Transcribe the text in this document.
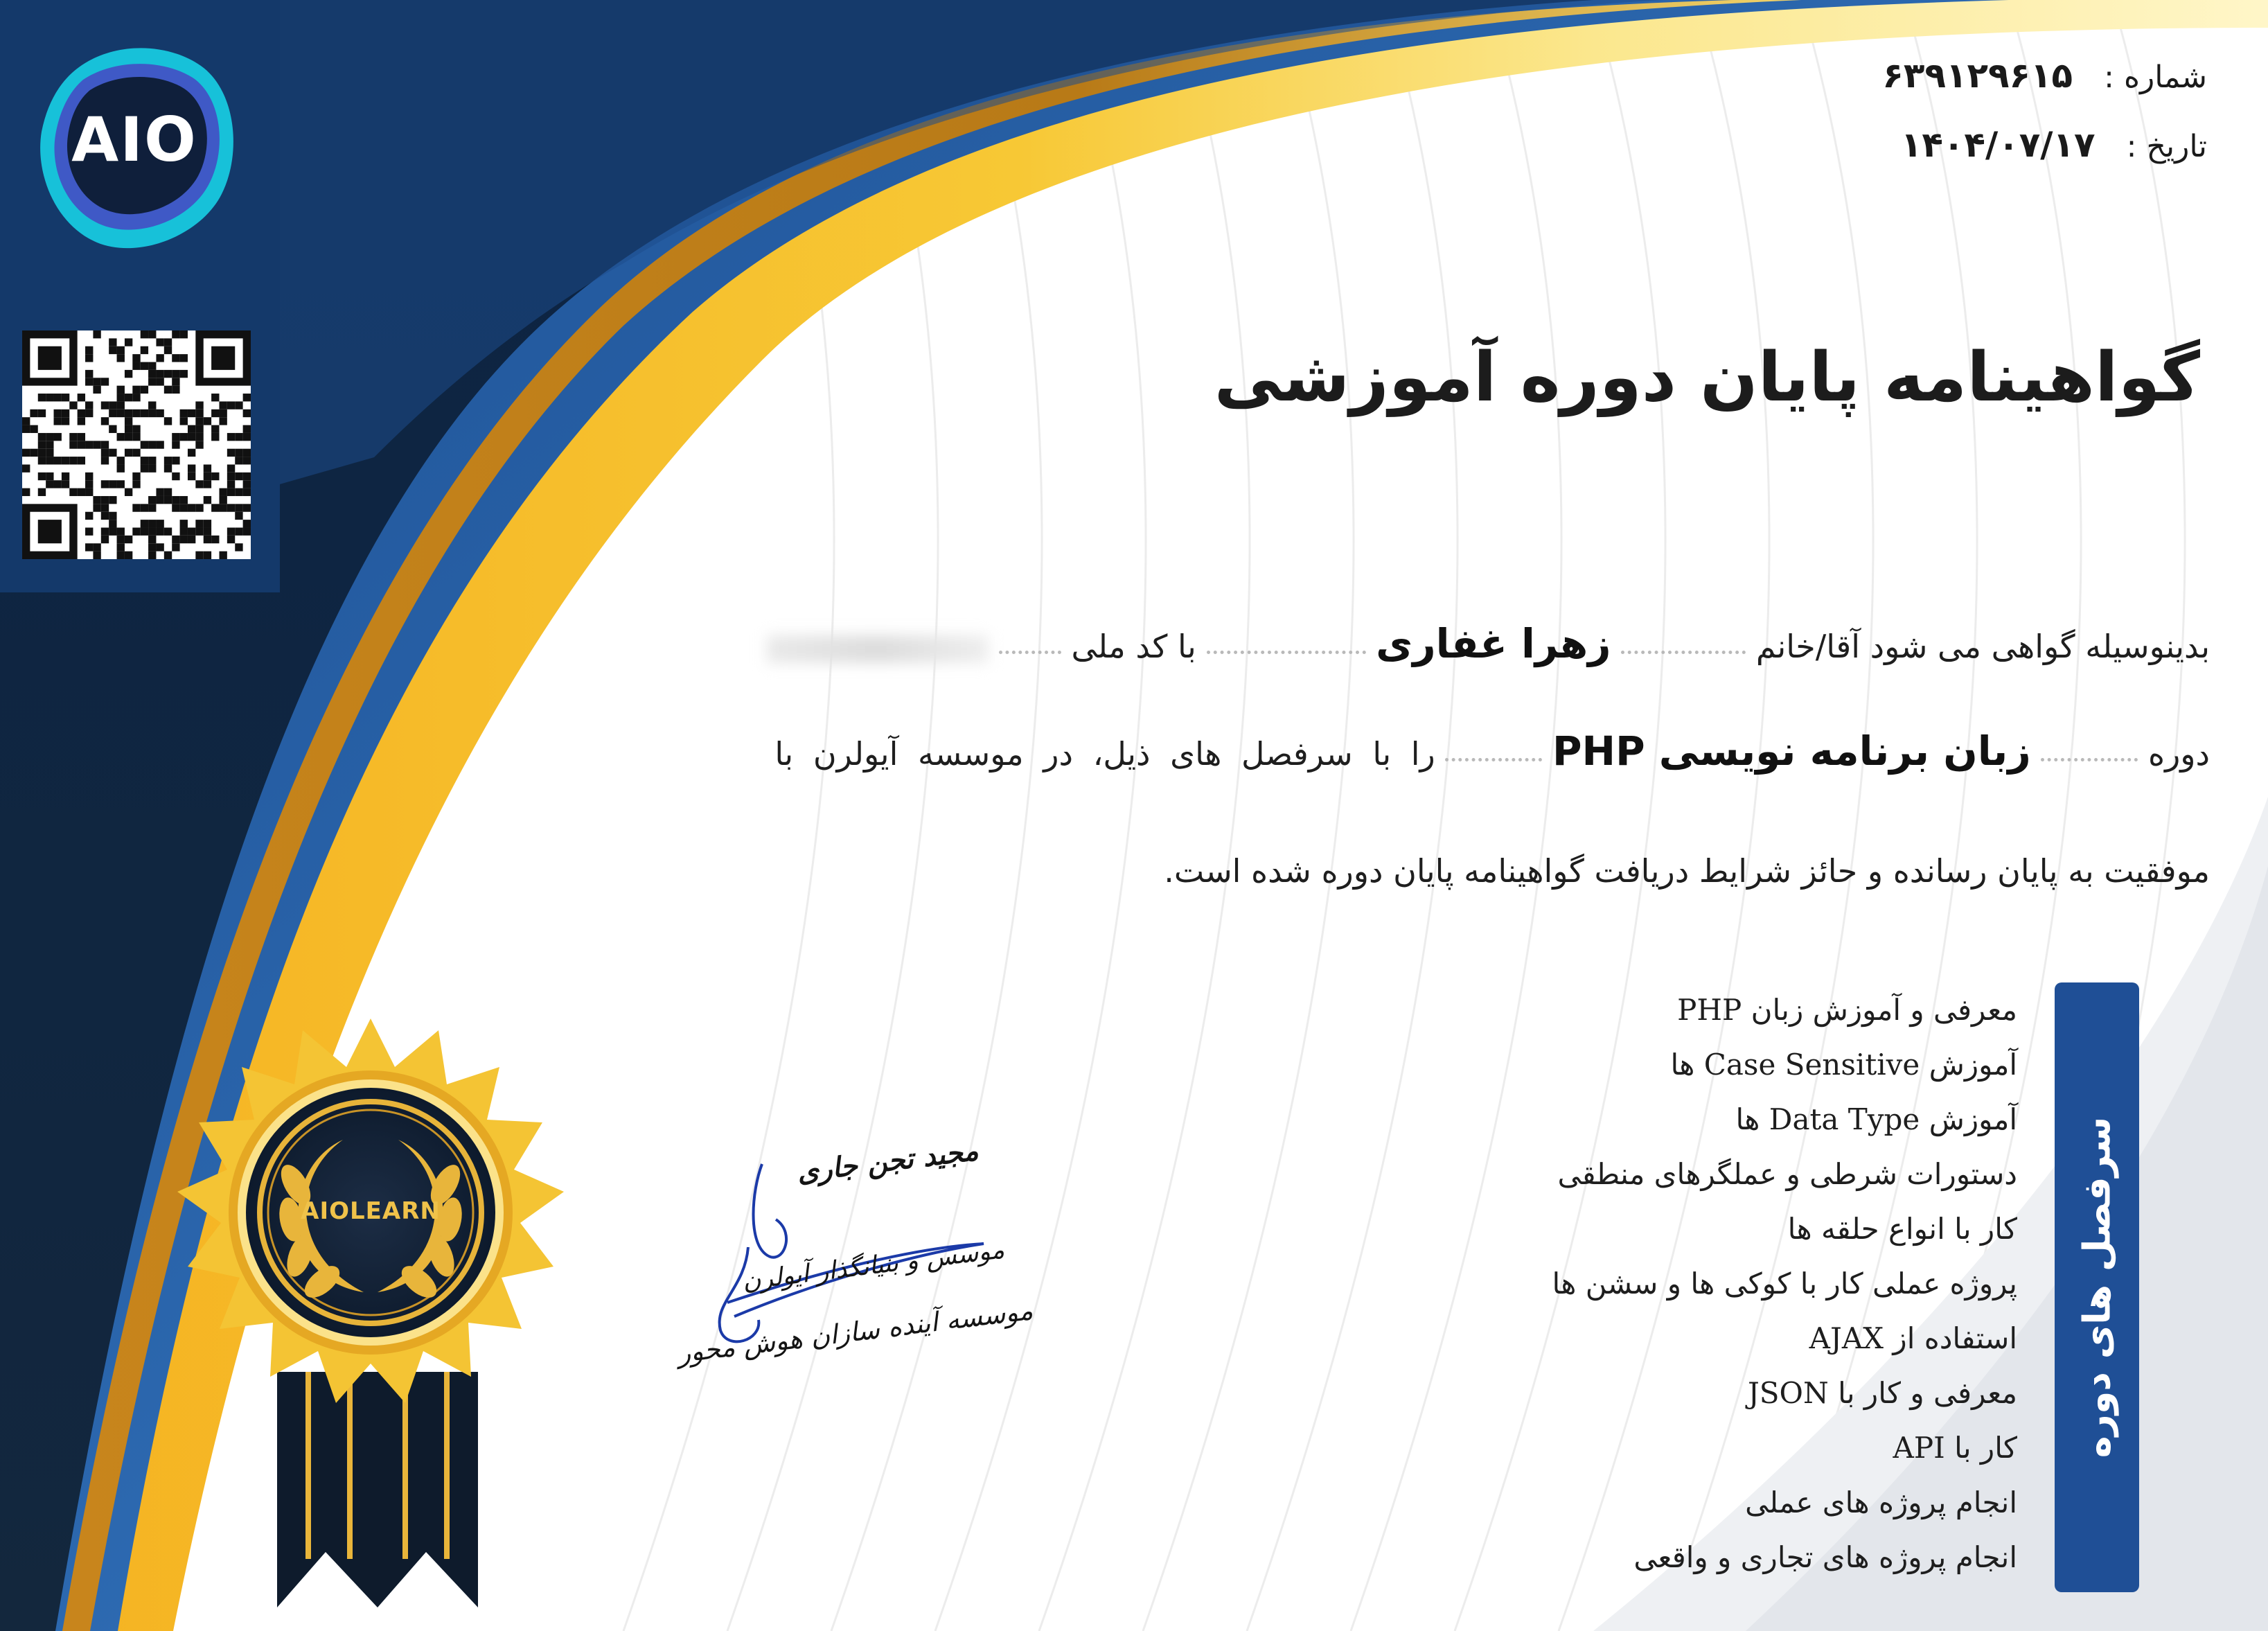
AIO
AIOLEARN
شماره : ۶۳۹۱۲۹۶۱۵
تاریخ : ۱۴۰۴/۰۷/۱۷
گواهینامه پایان دوره آموزشی
بدینوسیله گواهی می شود آقا/خانم  زهرا غفاری  با کد ملی
دوره  زبان برنامه نویسی PHP  را با سرفصل های ذیل، در موسسه آیولرن با
موفقیت به پایان رسانده و حائز شرایط دریافت گواهینامه پایان دوره شده است.
سرفصل های دوره
معرفی و آموزش زبان PHP
آموزش Case Sensitive ها
آموزش Data Type ها
دستورات شرطی و عملگرهای منطقی
کار با انواع حلقه ها
پروژه عملی کار با کوکی ها و سشن ها
استفاده از AJAX
معرفی و کار با JSON
کار با API
انجام پروژه های عملی
انجام پروژه های تجاری و واقعی
مجید تجن جاری
موسس و بنیانگذار آیولرن
موسسه آینده سازان هوش محور
